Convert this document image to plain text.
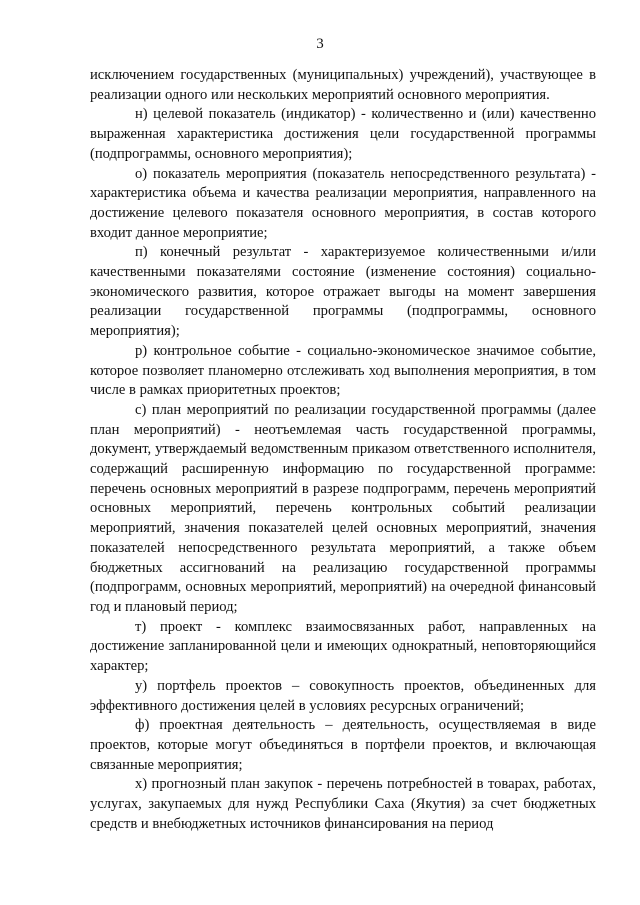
3

исключением государственных (муниципальных) учреждений), участвующее в реализации одного или нескольких мероприятий основного мероприятия.

н) целевой показатель (индикатор) - количественно и (или) качественно выраженная характеристика достижения цели государственной программы (подпрограммы, основного мероприятия);

о) показатель мероприятия (показатель непосредственного результата) - характеристика объема и качества реализации мероприятия, направленного на достижение целевого показателя основного мероприятия, в состав которого входит данное мероприятие;

п) конечный результат - характеризуемое количественными и/или качественными показателями состояние (изменение состояния) социально-экономического развития, которое отражает выгоды на момент завершения реализации государственной программы (подпрограммы, основного мероприятия);

р) контрольное событие - социально-экономическое значимое событие, которое позволяет планомерно отслеживать ход выполнения мероприятия, в том числе в рамках приоритетных проектов;

с) план мероприятий по реализации государственной программы (далее план мероприятий) - неотъемлемая часть государственной программы, документ, утверждаемый ведомственным приказом ответственного исполнителя, содержащий расширенную информацию по государственной программе: перечень основных мероприятий в разрезе подпрограмм, перечень мероприятий основных мероприятий, перечень контрольных событий реализации мероприятий, значения показателей целей основных мероприятий, значения показателей непосредственного результата мероприятий, а также объем бюджетных ассигнований на реализацию государственной программы (подпрограмм, основных мероприятий, мероприятий) на очередной финансовый год и плановый период;

т) проект - комплекс взаимосвязанных работ, направленных на достижение запланированной цели и имеющих однократный, неповторяющийся характер;

у) портфель проектов – совокупность проектов, объединенных для эффективного достижения целей в условиях ресурсных ограничений;

ф) проектная деятельность – деятельность, осуществляемая в виде проектов, которые могут объединяться в портфели проектов, и включающая связанные мероприятия;

х) прогнозный план закупок - перечень потребностей в товарах, работах, услугах, закупаемых для нужд Республики Саха (Якутия) за счет бюджетных средств и внебюджетных источников финансирования на период
